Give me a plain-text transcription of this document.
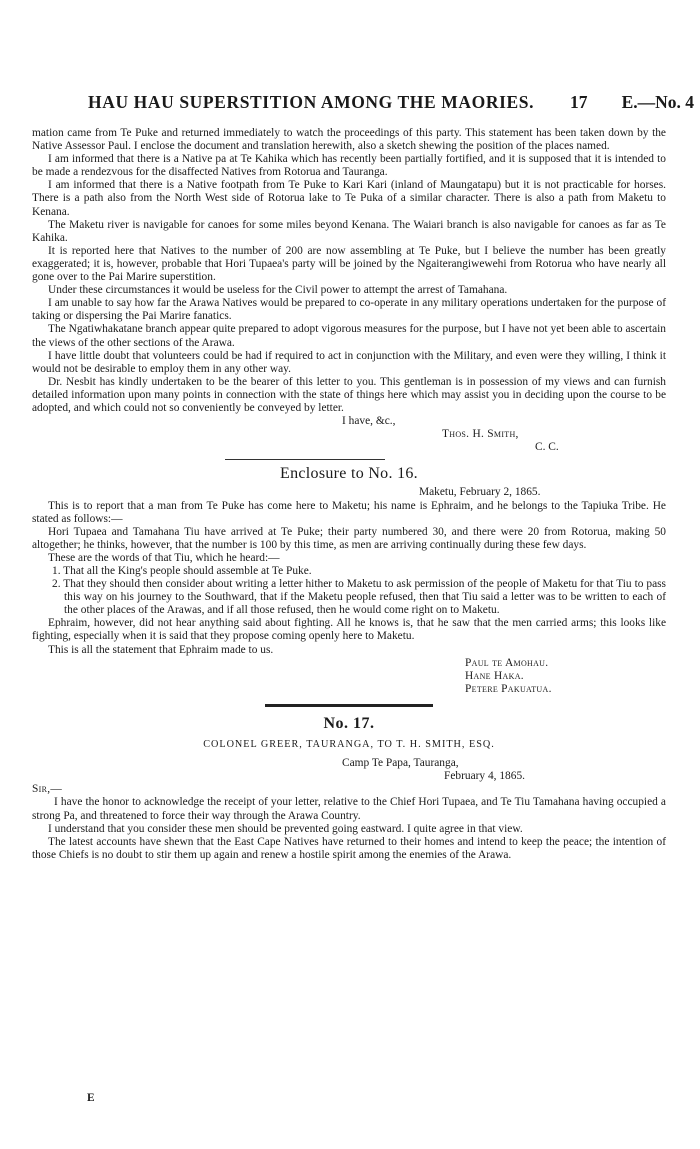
HAU HAU SUPERSTITION AMONG THE MAORIES. 17 E.—No. 4

mation came from Te Puke and returned immediately to watch the proceedings of this party. This statement has been taken down by the Native Assessor Paul. I enclose the document and translation herewith, also a sketch shewing the position of the places named.

I am informed that there is a Native pa at Te Kahika which has recently been partially fortified, and it is supposed that it is intended to be made a rendezvous for the disaffected Natives from Rotorua and Tauranga.

I am informed that there is a Native footpath from Te Puke to Kari Kari (inland of Maungatapu) but it is not practicable for horses. There is a path also from the North West side of Rotorua lake to Te Puka of a similar character. There is also a path from Maketu to Kenana.

The Maketu river is navigable for canoes for some miles beyond Kenana. The Waiari branch is also navigable for canoes as far as Te Kahika.

It is reported here that Natives to the number of 200 are now assembling at Te Puke, but I believe the number has been greatly exaggerated; it is, however, probable that Hori Tupaea's party will be joined by the Ngaiterangiwewehi from Rotorua who have nearly all gone over to the Pai Marire superstition.

Under these circumstances it would be useless for the Civil power to attempt the arrest of Tamahana.

I am unable to say how far the Arawa Natives would be prepared to co-operate in any military operations undertaken for the purpose of taking or dispersing the Pai Marire fanatics.

The Ngatiwhakatane branch appear quite prepared to adopt vigorous measures for the purpose, but I have not yet been able to ascertain the views of the other sections of the Arawa.

I have little doubt that volunteers could be had if required to act in conjunction with the Military, and even were they willing, I think it would not be desirable to employ them in any other way.

Dr. Nesbit has kindly undertaken to be the bearer of this letter to you. This gentleman is in possession of my views and can furnish detailed information upon many points in connection with the state of things here which may assist you in deciding upon the course to be adopted, and which could not so conveniently be conveyed by letter.

I have, &c.,

Thos. H. Smith,

C. C.

Enclosure to No. 16.

Maketu, February 2, 1865.

This is to report that a man from Te Puke has come here to Maketu; his name is Ephraim, and he belongs to the Tapiuka Tribe. He stated as follows:—

Hori Tupaea and Tamahana Tiu have arrived at Te Puke; their party numbered 30, and there were 20 from Rotorua, making 50 altogether; he thinks, however, that the number is 100 by this time, as men are arriving continually during these few days.

These are the words of that Tiu, which he heard:—

1. That all the King's people should assemble at Te Puke.

2. That they should then consider about writing a letter hither to Maketu to ask permission of the people of Maketu for that Tiu to pass this way on his journey to the Southward, that if the Maketu people refused, then that Tiu said a letter was to be written to each of the other places of the Arawas, and if all those refused, then he would come right on to Maketu.

Ephraim, however, did not hear anything said about fighting. All he knows is, that he saw that the men carried arms; this looks like fighting, especially when it is said that they propose coming openly here to Maketu.

This is all the statement that Ephraim made to us.

Paul te Amohau.

Hane Haka.

Petere Pakuatua.

No. 17.
COLONEL GREER, TAURANGA, TO T. H. SMITH, ESQ.

Camp Te Papa, Tauranga,

February 4, 1865.

Sir,—

I have the honor to acknowledge the receipt of your letter, relative to the Chief Hori Tupaea, and Te Tiu Tamahana having occupied a strong Pa, and threatened to force their way through the Arawa Country.

I understand that you consider these men should be prevented going eastward. I quite agree in that view.

The latest accounts have shewn that the East Cape Natives have returned to their homes and intend to keep the peace; the intention of those Chiefs is no doubt to stir them up again and renew a hostile spirit among the enemies of the Arawa.

E
